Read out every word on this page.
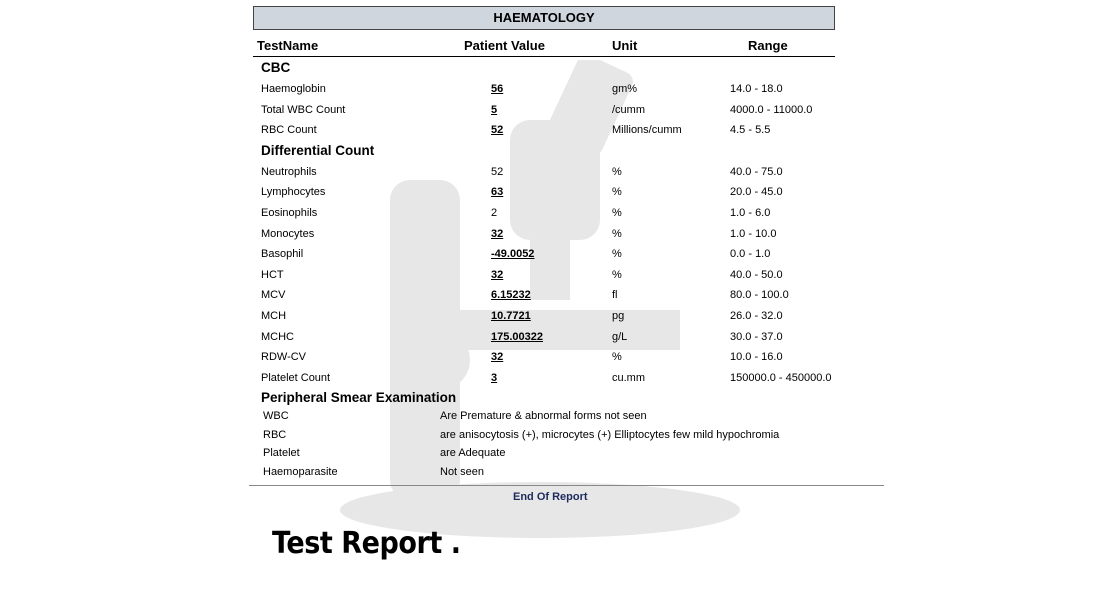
HAEMATOLOGY
TestName	Patient Value	Unit	Range
CBC
Haemoglobin	56	gm%	14.0 - 18.0
Total WBC Count	5	/cumm	4000.0 - 11000.0
RBC Count	52	Millions/cumm	4.5 - 5.5
Differential Count
Neutrophils	52	%	40.0 - 75.0
Lymphocytes	63	%	20.0 - 45.0
Eosinophils	2	%	1.0 - 6.0
Monocytes	32	%	1.0 - 10.0
Basophil	-49.0052	%	0.0 - 1.0
HCT	32	%	40.0 - 50.0
MCV	6.15232	fl	80.0 - 100.0
MCH	10.7721	pg	26.0 - 32.0
MCHC	175.00322	g/L	30.0 - 37.0
RDW-CV	32	%	10.0 - 16.0
Platelet Count	3	cu.mm	150000.0 - 450000.0
Peripheral Smear Examination
WBC	Are Premature & abnormal forms not seen
RBC	are anisocytosis (+), microcytes (+) Elliptocytes few mild hypochromia
Platelet	are Adequate
Haemoparasite	Not seen
End Of Report
Test Report .
